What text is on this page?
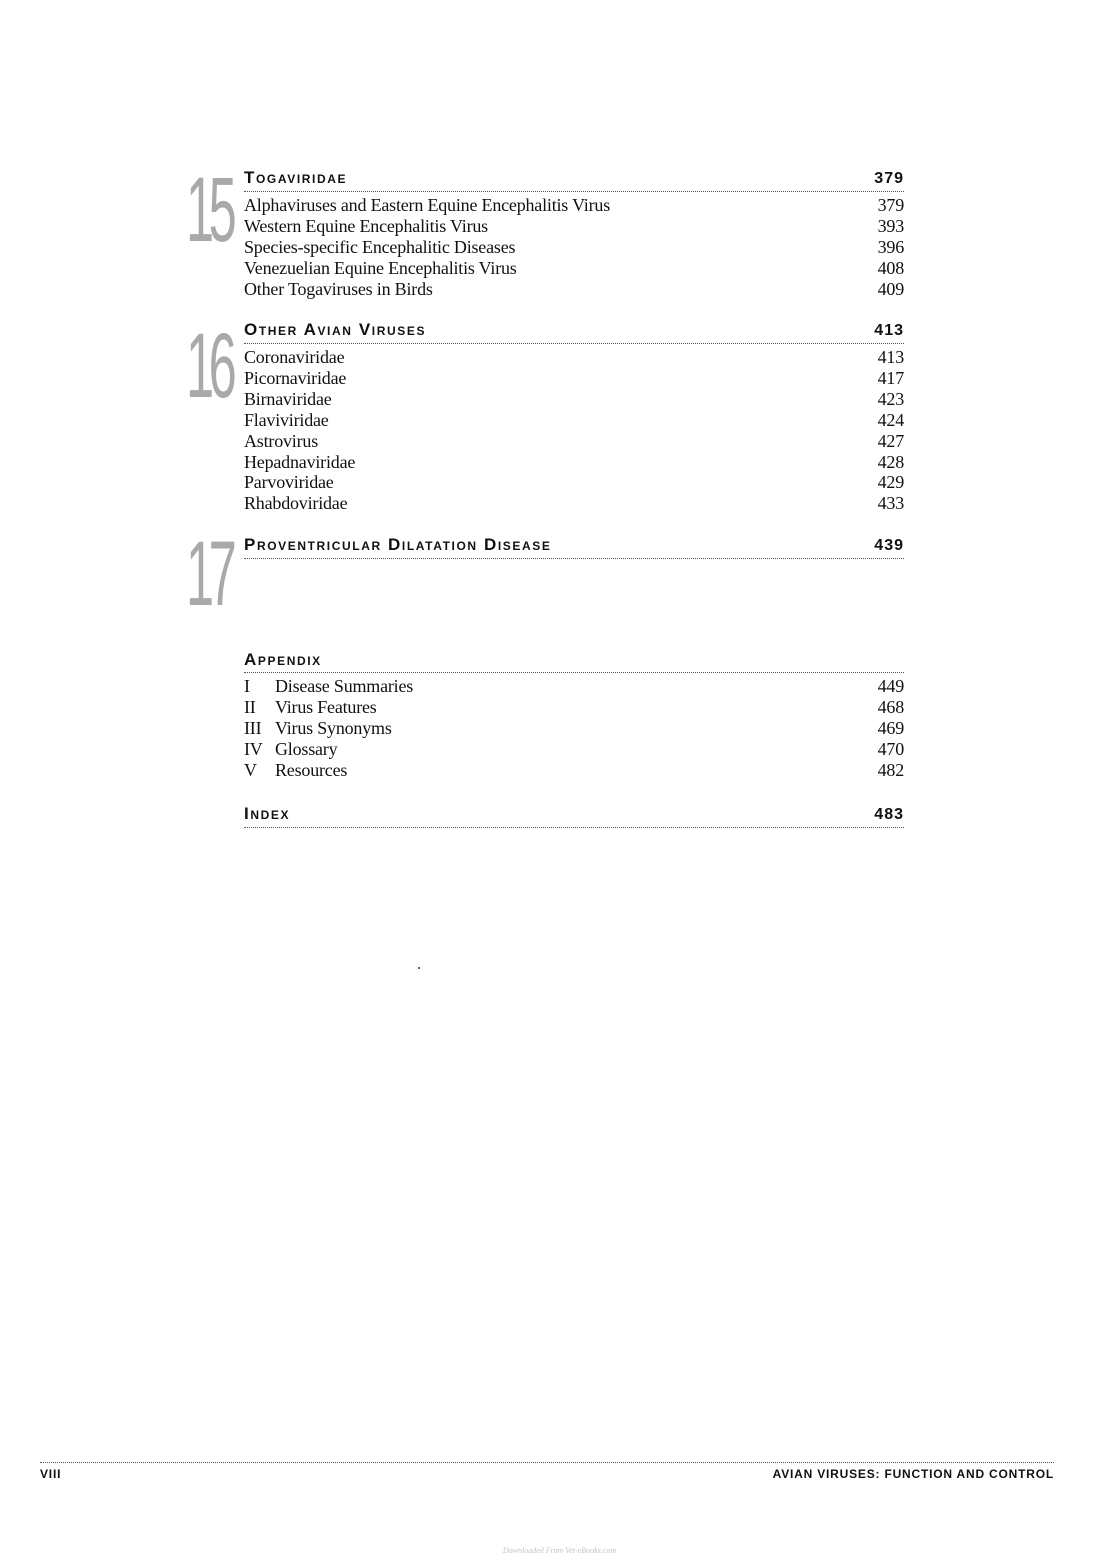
15 Togaviridae	379
Alphaviruses and Eastern Equine Encephalitis Virus	379
Western Equine Encephalitis Virus	393
Species-specific Encephalitic Diseases	396
Venezuelian Equine Encephalitis Virus	408
Other Togaviruses in Birds	409
16 Other Avian Viruses	413
Coronaviridae	413
Picornaviridae	417
Birnaviridae	423
Flaviviridae	424
Astrovirus	427
Hepadnaviridae	428
Parvoviridae	429
Rhabdoviridae	433
17 Proventricular Dilatation Disease	439
Appendix
I	Disease Summaries	449
II	Virus Features	468
III Virus Synonyms	469
IV Glossary	470
V	Resources	482
Index	483
VIII	AVIAN VIRUSES: FUNCTION AND CONTROL
Downloaded From Vet-eBooks.com
